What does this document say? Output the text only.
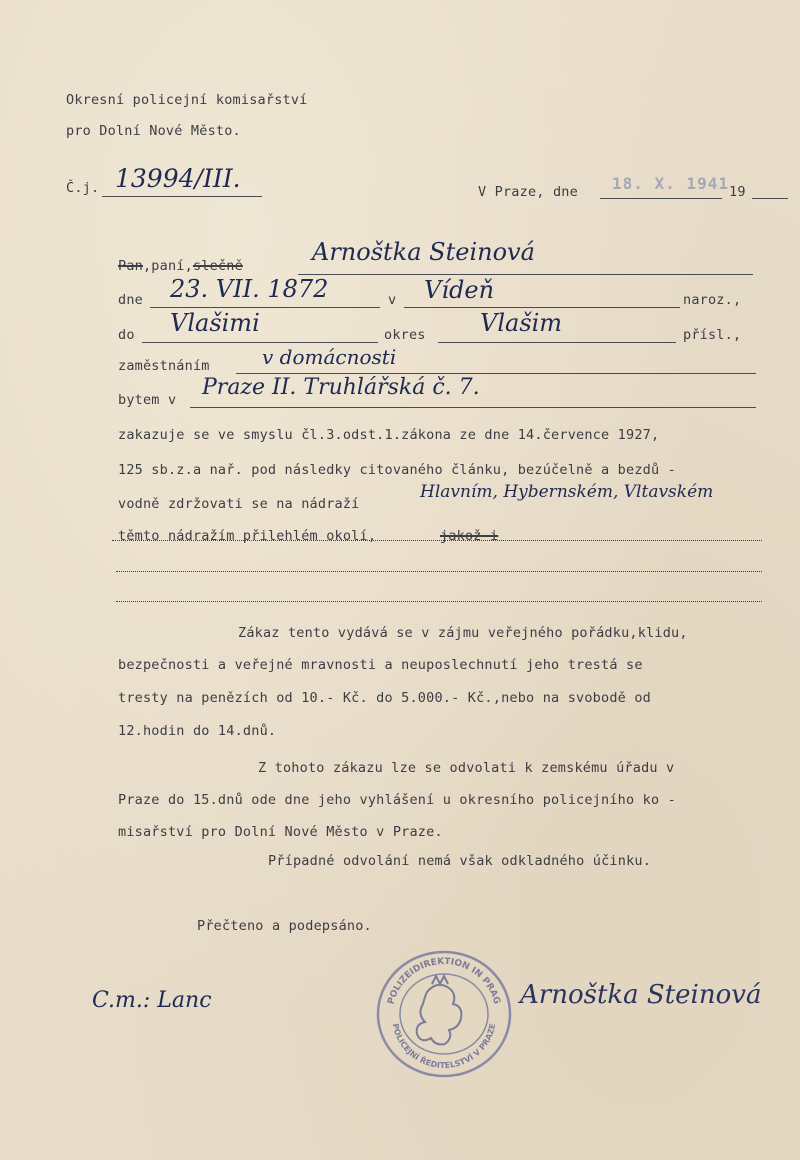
Okresní policejní komisařství
pro Dolní Nové Město.
Č.j. 13994/III.	V Praze, dne 18. X. 1941 19
Pan,paní,slečně	Arnoštka Steinová
dne 23. VII. 1872	v Vídeň	naroz.,
do Vlašimi	okres Vlašim	přísl.,
zaměstnáním	v domácnosti
bytem v Praze II. Truhlářská č. 7.
zakazuje se ve smyslu čl.3.odst.1.zákona ze dne 14.července 1927,
125 sb.z.a nař. pod následky citovaného článku, bezúčelně a bezdů -
vodně zdržovati se na nádraží
Hlavním, Hybernském, Vltavském
těmto nádražím přilehlém okolí,	jakož i
Zákaz tento vydává se v zájmu veřejného pořádku,klidu,
bezpečnosti a veřejné mravnosti a neuposlechnutí jeho trestá se
tresty na penězích od 10.- Kč. do 5.000.- Kč.,nebo na svobodě od
12.hodin do 14.dnů.
Z tohoto zákazu lze se odvolati k zemskému úřadu v
Praze do 15.dnů ode dne jeho vyhlášení u okresního policejního ko -
misařství pro Dolní Nové Město v Praze.
Případné odvolání nemá však odkladného účinku.
Přečteno a podepsáno.
C.m.: Lanc	POLIZEIDIREKTION IN PRAG
POLICEJNÍ ŘEDITELSTVÍ V PRAZE
Arnoštka Steinová
